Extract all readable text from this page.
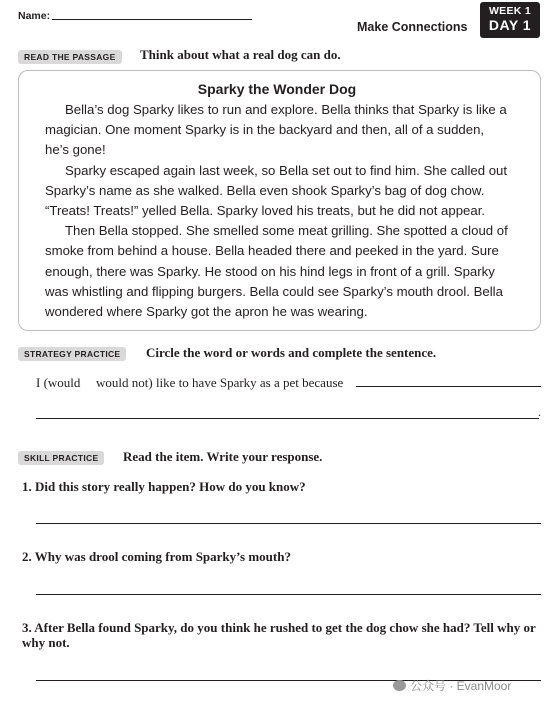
Name:
Make Connections
WEEK 1
DAY 1
READ THE PASSAGE	Think about what a real dog can do.
Sparky the Wonder Dog

Bella’s dog Sparky likes to run and explore. Bella thinks that Sparky is like a magician. One moment Sparky is in the backyard and then, all of a sudden, he’s gone!

Sparky escaped again last week, so Bella set out to find him. She called out Sparky’s name as she walked. Bella even shook Sparky’s bag of dog chow. “Treats! Treats!” yelled Bella. Sparky loved his treats, but he did not appear.

Then Bella stopped. She smelled some meat grilling. She spotted a cloud of smoke from behind a house. Bella headed there and peeked in the yard. Sure enough, there was Sparky. He stood on his hind legs in front of a grill. Sparky was whistling and flipping burgers. Bella could see Sparky’s mouth drool. Bella wondered where Sparky got the apron he was wearing.

STRATEGY PRACTICE	Circle the word or words and complete the sentence.
I (would would not) like to have Sparky as a pet because
.
SKILL PRACTICE	Read the item. Write your response.
1. Did this story really happen? How do you know?
2. Why was drool coming from Sparky’s mouth?
3. After Bella found Sparky, do you think he rushed to get the dog chow she had? Tell why or why not.
公众号 · EvanMoor
